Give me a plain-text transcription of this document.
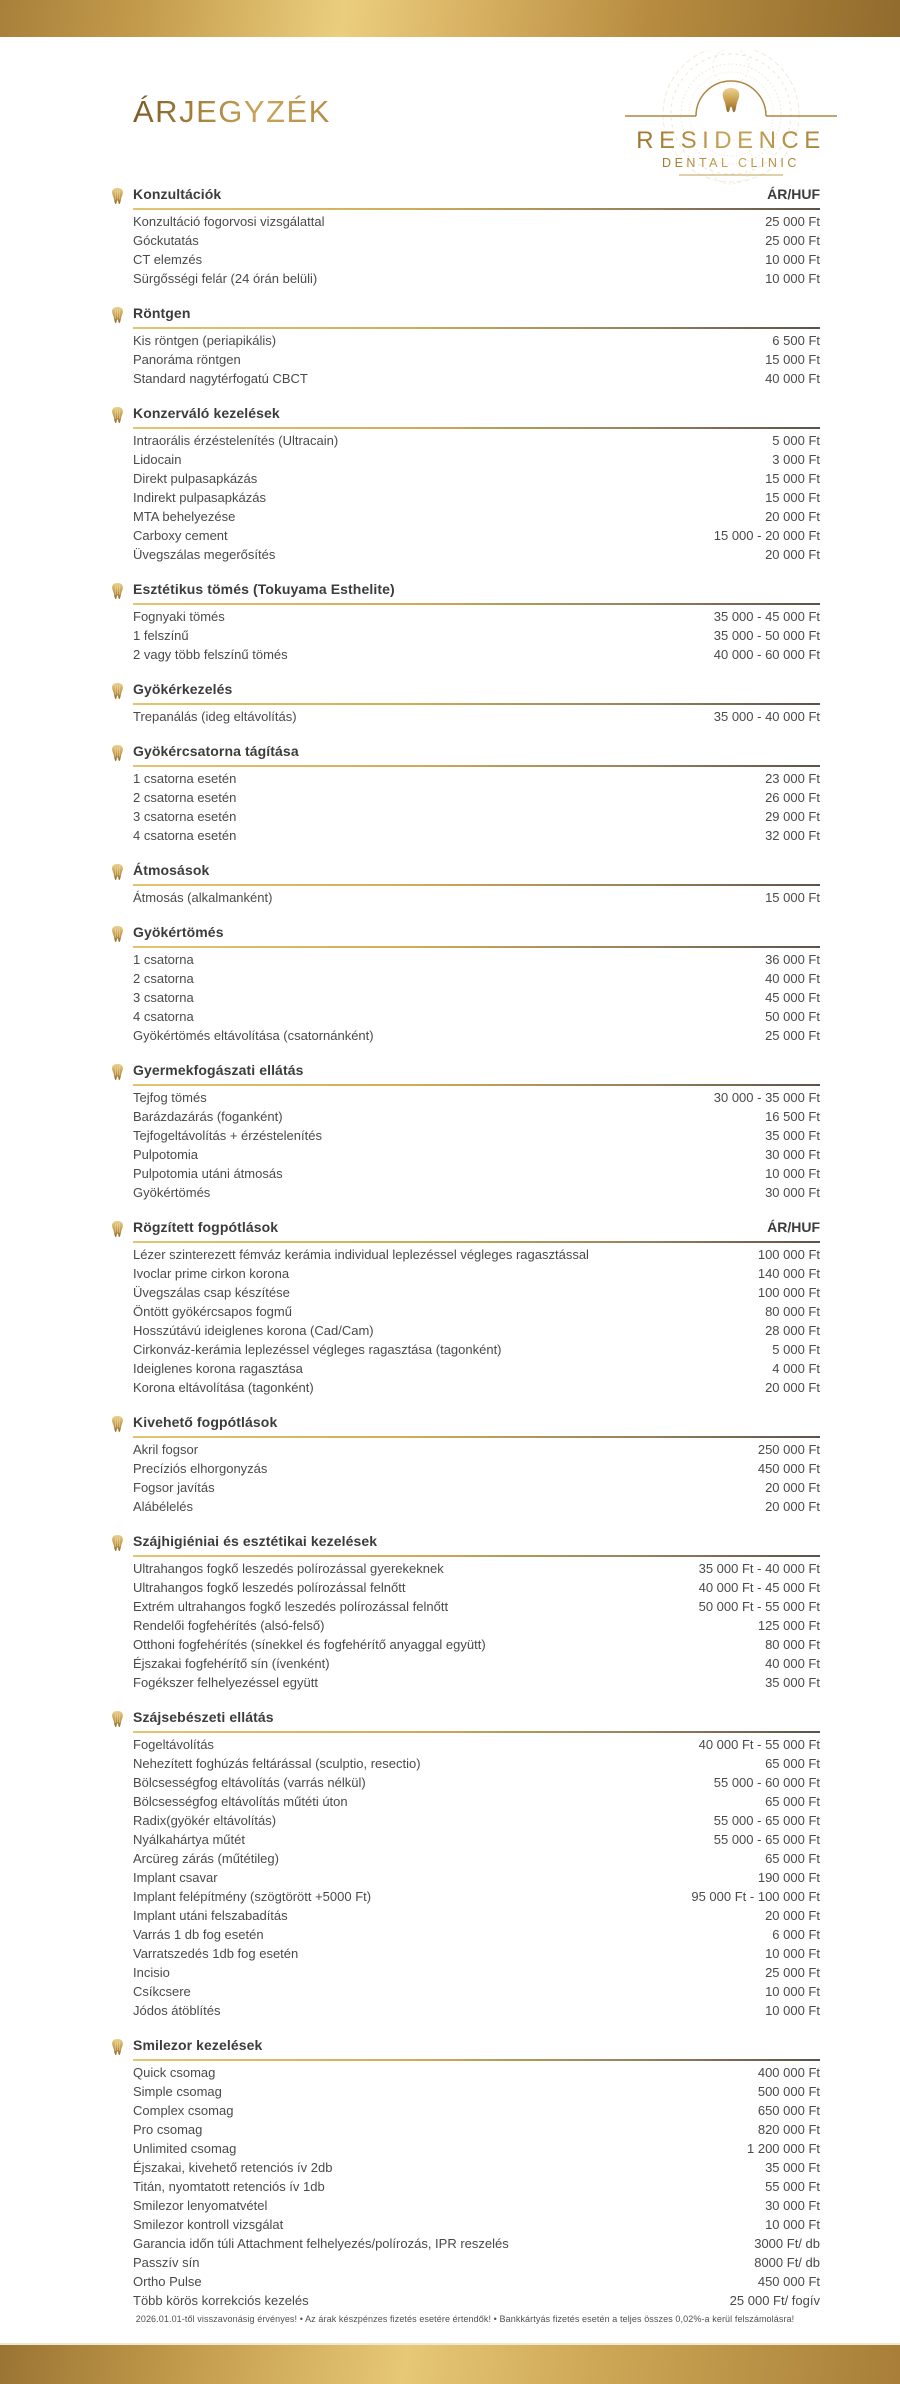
ÁRJEGYZÉK
RESIDENCE
DENTAL CLINIC
Konzultációk	ÁR/HUF
Konzultáció fogorvosi vizsgálattal	25 000 Ft
Góckutatás	25 000 Ft
CT elemzés	10 000 Ft
Sürgősségi felár (24 órán belüli)	10 000 Ft
Röntgen
Kis röntgen (periapikális)	6 500 Ft
Panoráma röntgen	15 000 Ft
Standard nagytérfogatú CBCT	40 000 Ft
Konzerváló kezelések
Intraorális érzéstelenítés (Ultracain)	5 000 Ft
Lidocain	3 000 Ft
Direkt pulpasapkázás	15 000 Ft
Indirekt pulpasapkázás	15 000 Ft
MTA behelyezése	20 000 Ft
Carboxy cement	15 000 - 20 000 Ft
Üvegszálas megerősítés	20 000 Ft
Esztétikus tömés (Tokuyama Esthelite)
Fognyaki tömés	35 000 - 45 000 Ft
1 felszínű	35 000 - 50 000 Ft
2 vagy több felszínű tömés	40 000 - 60 000 Ft
Gyökérkezelés
Trepanálás (ideg eltávolítás)	35 000 - 40 000 Ft
Gyökércsatorna tágítása
1 csatorna esetén	23 000 Ft
2 csatorna esetén	26 000 Ft
3 csatorna esetén	29 000 Ft
4 csatorna esetén	32 000 Ft
Átmosások
Átmosás (alkalmanként)	15 000 Ft
Gyökértömés
1 csatorna	36 000 Ft
2 csatorna	40 000 Ft
3 csatorna	45 000 Ft
4 csatorna	50 000 Ft
Gyökértömés eltávolítása (csatornánként)	25 000 Ft
Gyermekfogászati ellátás
Tejfog tömés	30 000 - 35 000 Ft
Barázdazárás (foganként)	16 500 Ft
Tejfogeltávolítás + érzéstelenítés	35 000 Ft
Pulpotomia	30 000 Ft
Pulpotomia utáni átmosás	10 000 Ft
Gyökértömés	30 000 Ft
Rögzített fogpótlások	ÁR/HUF
Lézer szinterezett fémváz kerámia individual leplezéssel végleges ragasztással	100 000 Ft
Ivoclar prime cirkon korona	140 000 Ft
Üvegszálas csap készítése	100 000 Ft
Öntött gyökércsapos fogmű	80 000 Ft
Hosszútávú ideiglenes korona (Cad/Cam)	28 000 Ft
Cirkonváz-kerámia leplezéssel végleges ragasztása (tagonként)	5 000 Ft
Ideiglenes korona ragasztása	4 000 Ft
Korona eltávolítása (tagonként)	20 000 Ft
Kivehető fogpótlások
Akril fogsor	250 000 Ft
Precíziós elhorgonyzás	450 000 Ft
Fogsor javítás	20 000 Ft
Alábélelés	20 000 Ft
Szájhigiéniai és esztétikai kezelések
Ultrahangos fogkő leszedés polírozással gyerekeknek	35 000 Ft - 40 000 Ft
Ultrahangos fogkő leszedés polírozással felnőtt	40 000 Ft - 45 000 Ft
Extrém ultrahangos fogkő leszedés polírozással felnőtt	50 000 Ft - 55 000 Ft
Rendelői fogfehérítés (alsó-felső)	125 000 Ft
Otthoni fogfehérítés (sínekkel és fogfehérítő anyaggal együtt)	80 000 Ft
Éjszakai fogfehérítő sín (ívenként)	40 000 Ft
Fogékszer felhelyezéssel együtt	35 000 Ft
Szájsebészeti ellátás
Fogeltávolítás	40 000 Ft - 55 000 Ft
Nehezített foghúzás feltárással (sculptio, resectio)	65 000 Ft
Bölcsességfog eltávolítás (varrás nélkül)	55 000 - 60 000 Ft
Bölcsességfog eltávolítás műtéti úton	65 000 Ft
Radix(gyökér eltávolítás)	55 000 - 65 000 Ft
Nyálkahártya műtét	55 000 - 65 000 Ft
Arcüreg zárás (műtétileg)	65 000 Ft
Implant csavar	190 000 Ft
Implant felépítmény (szögtörött +5000 Ft)	95 000 Ft - 100 000 Ft
Implant utáni felszabadítás	20 000 Ft
Varrás 1 db fog esetén	6 000 Ft
Varratszedés 1db fog esetén	10 000 Ft
Incisio	25 000 Ft
Csíkcsere	10 000 Ft
Jódos átöblítés	10 000 Ft
Smilezor kezelések
Quick csomag	400 000 Ft
Simple csomag	500 000 Ft
Complex csomag	650 000 Ft
Pro csomag	820 000 Ft
Unlimited csomag	1 200 000 Ft
Éjszakai, kivehető retenciós ív 2db	35 000 Ft
Titán, nyomtatott retenciós ív 1db	55 000 Ft
Smilezor lenyomatvétel	30 000 Ft
Smilezor kontroll vizsgálat	10 000 Ft
Garancia időn túli Attachment felhelyezés/polírozás, IPR reszelés	3000 Ft/ db
Passzív sín	8000 Ft/ db
Ortho Pulse	450 000 Ft
Több körös korrekciós kezelés	25 000 Ft/ fogív
2026.01.01-től visszavonásig érvényes! • Az árak készpénzes fizetés esetére értendők! • Bankkártyás fizetés esetén a teljes összes 0,02%-a kerül felszámolásra!
